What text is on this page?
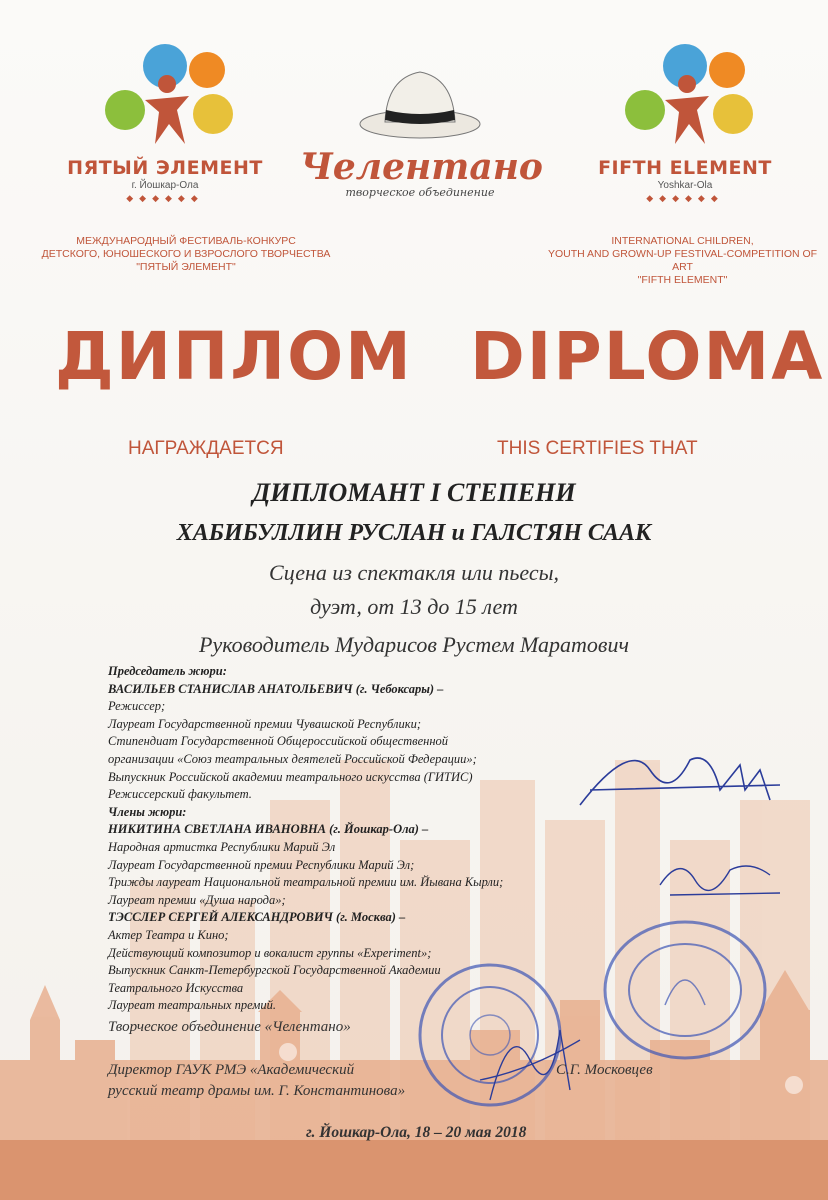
ПЯТЫЙ ЭЛЕМЕНТ
г. Йошкар-Ола
◆◆◆◆◆◆
Челентано
творческое объединение
FIFTH ELEMENT
Yoshkar-Ola
◆◆◆◆◆◆
МЕЖДУНАРОДНЫЙ ФЕСТИВАЛЬ-КОНКУРС
ДЕТСКОГО, ЮНОШЕСКОГО И ВЗРОСЛОГО ТВОРЧЕСТВА
"ПЯТЫЙ ЭЛЕМЕНТ"
INTERNATIONAL CHILDREN,
YOUTH AND GROWN-UP FESTIVAL-COMPETITION OF ART
"FIFTH ELEMENT"
ДИПЛОМ DIPLOMA
НАГРАЖДАЕТСЯ	THIS CERTIFIES THAT
ДИПЛОМАНТ I СТЕПЕНИ
ХАБИБУЛЛИН РУСЛАН и ГАЛСТЯН СААК
Сцена из спектакля или пьесы,
дуэт, от 13 до 15 лет
Руководитель Мударисов Рустем Маратович
Председатель жюри:
ВАСИЛЬЕВ СТАНИСЛАВ АНАТОЛЬЕВИЧ (г. Чебоксары) –
Режиссер;
Лауреат Государственной премии Чувашской Республики;
Стипендиат Государственной Общероссийской общественной
организации «Союз театральных деятелей Российской Федерации»;
Выпускник Российской академии театрального искусства (ГИТИС)
Режиссерский факультет.
Члены жюри:
НИКИТИНА СВЕТЛАНА ИВАНОВНА (г. Йошкар-Ола) –
Народная артистка Республики Марий Эл
Лауреат Государственной премии Республики Марий Эл;
Трижды лауреат Национальной театральной премии им. Йывана Кырли;
Лауреат премии «Душа народа»;
ТЭССЛЕР СЕРГЕЙ АЛЕКСАНДРОВИЧ (г. Москва) –
Актер Театра и Кино;
Действующий композитор и вокалист группы «Experiment»;
Выпускник Санкт-Петербургской Государственной Академии
Театрального Искусства
Лауреат театральных премий.
Творческое объединение «Челентано»
Директор ГАУК РМЭ «Академический
русский театр драмы им. Г. Константинова»
С.Г. Московцев
г. Йошкар-Ола, 18 – 20 мая 2018
